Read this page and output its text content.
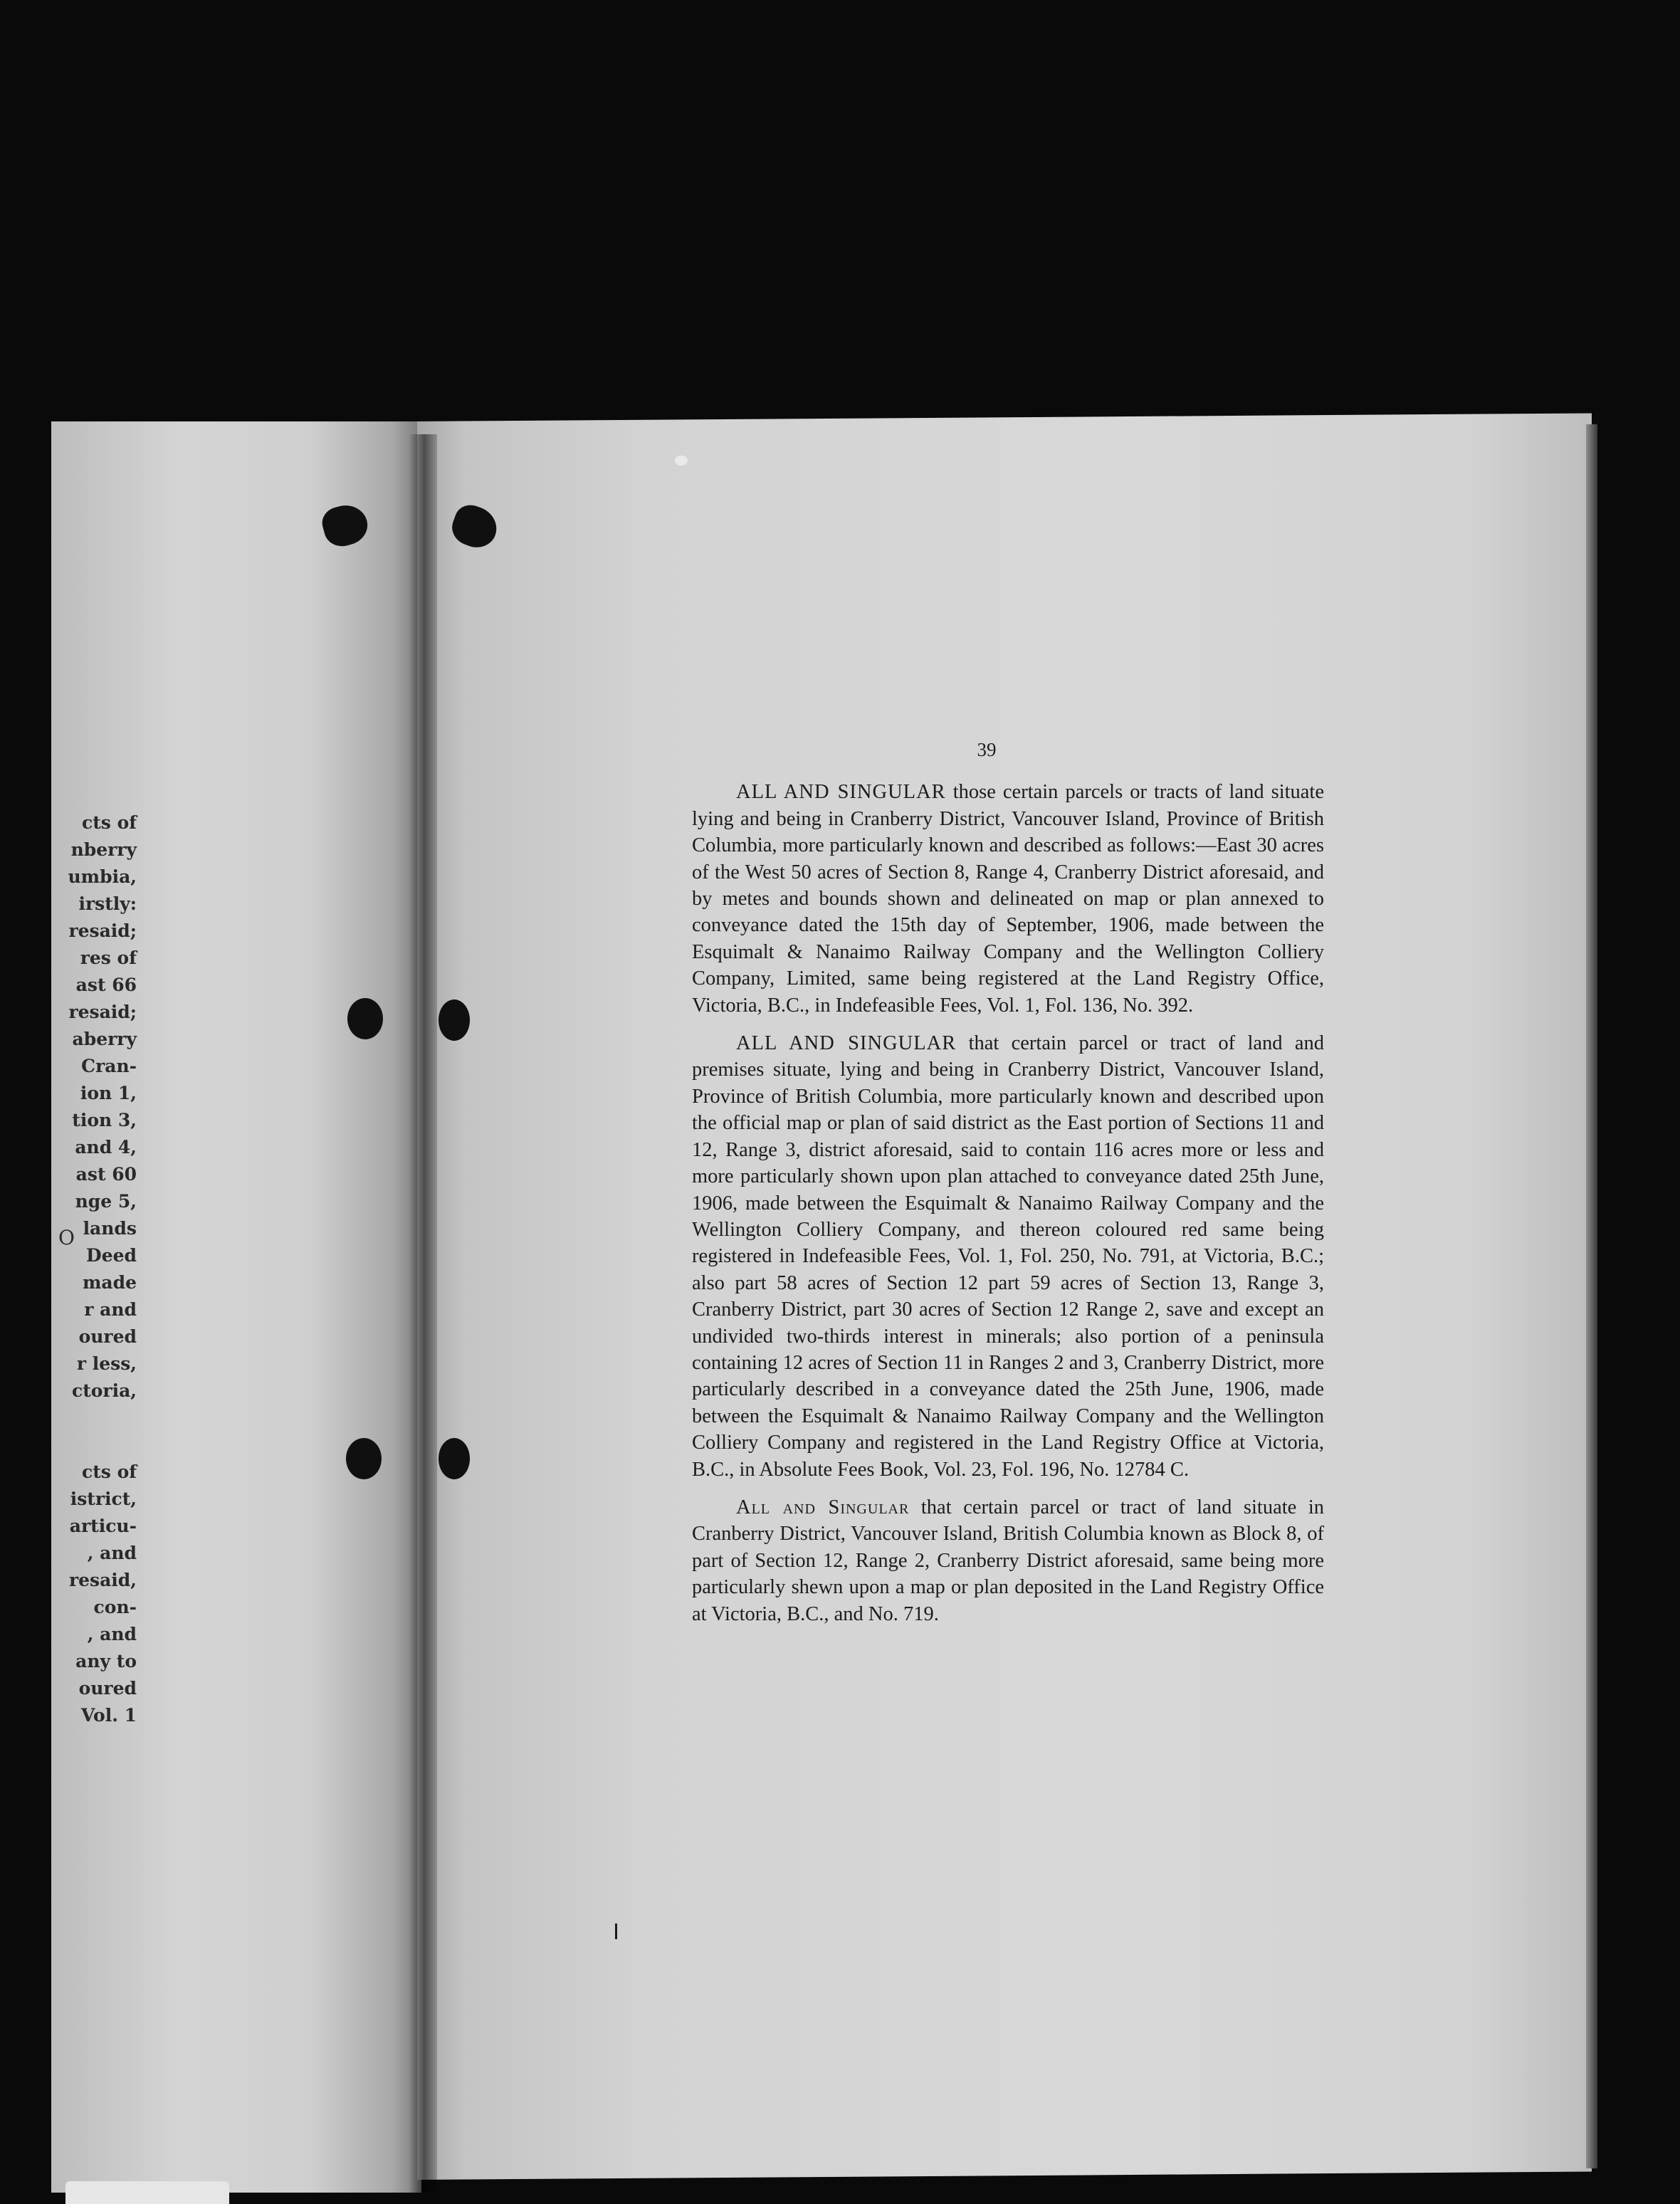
O
cts of
nberry
umbia,
irstly:
resaid;
res of
ast 66
resaid;
aberry
Cran-
ion 1,
tion 3,
and 4,
ast 60
nge 5,
lands
Deed
made
r and
oured
r less,
ctoria,
cts of
istrict,
articu-
, and
resaid,
con-
, and
any to
oured
Vol. 1
39

ALL AND SINGULAR those certain parcels or tracts of land situate lying and being in Cranberry District, Vancouver Island, Province of British Columbia, more particularly known and described as follows:—East 30 acres of the West 50 acres of Section 8, Range 4, Cranberry District aforesaid, and by metes and bounds shown and delineated on map or plan annexed to conveyance dated the 15th day of September, 1906, made between the Esquimalt & Nanaimo Railway Company and the Wellington Colliery Company, Limited, same being registered at the Land Registry Office, Victoria, B.C., in Indefeasible Fees, Vol. 1, Fol. 136, No. 392.

ALL AND SINGULAR that certain parcel or tract of land and premises situate, lying and being in Cranberry District, Vancouver Island, Province of British Columbia, more particularly known and described upon the official map or plan of said district as the East portion of Sections 11 and 12, Range 3, district aforesaid, said to contain 116 acres more or less and more particularly shown upon plan attached to conveyance dated 25th June, 1906, made between the Esquimalt & Nanaimo Railway Company and the Wellington Colliery Company, and thereon coloured red same being registered in Indefeasible Fees, Vol. 1, Fol. 250, No. 791, at Victoria, B.C.; also part 58 acres of Section 12 part 59 acres of Section 13, Range 3, Cranberry District, part 30 acres of Section 12 Range 2, save and except an undivided two-thirds interest in minerals; also portion of a peninsula containing 12 acres of Section 11 in Ranges 2 and 3, Cranberry District, more particularly described in a conveyance dated the 25th June, 1906, made between the Esquimalt & Nanaimo Railway Company and the Wellington Colliery Company and registered in the Land Registry Office at Victoria, B.C., in Absolute Fees Book, Vol. 23, Fol. 196, No. 12784 C.

All and Singular that certain parcel or tract of land situate in Cranberry District, Vancouver Island, British Columbia known as Block 8, of part of Section 12, Range 2, Cranberry District aforesaid, same being more particularly shewn upon a map or plan deposited in the Land Registry Office at Victoria, B.C., and No. 719.
